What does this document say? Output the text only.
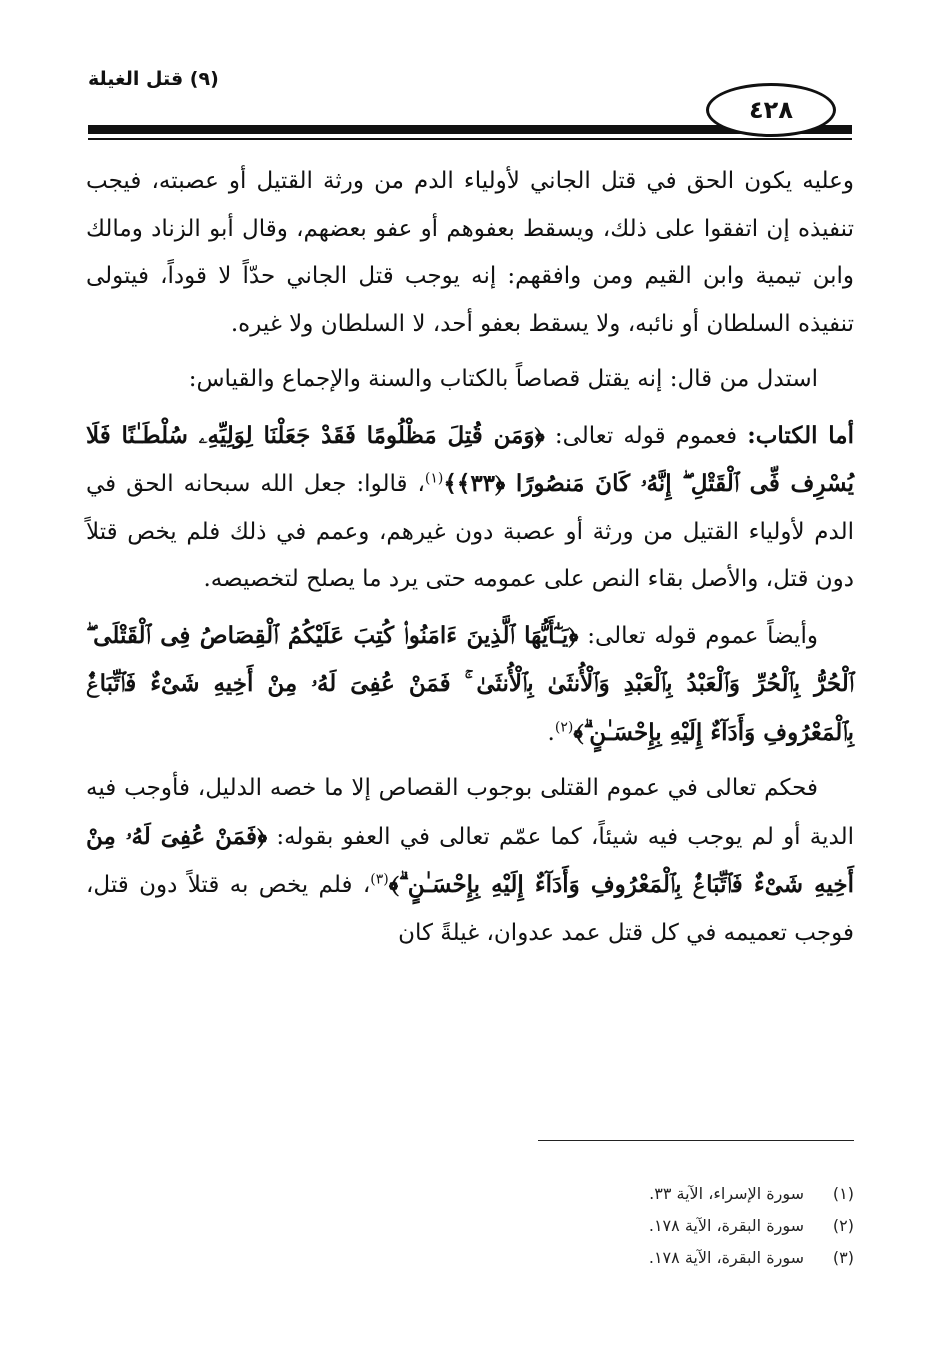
(٩) قتل الغيلة
٤٢٨

وعليه يكون الحق في قتل الجاني لأولياء الدم من ورثة القتيل أو عصبته، فيجب تنفيذه إن اتفقوا على ذلك، ويسقط بعفوهم أو عفو بعضهم، وقال أبو الزناد ومالك وابن تيمية وابن القيم ومن وافقهم: إنه يوجب قتل الجاني حدّاً لا قوداً، فيتولى تنفيذه السلطان أو نائبه، ولا يسقط بعفو أحد، لا السلطان ولا غيره.

استدل من قال: إنه يقتل قصاصاً بالكتاب والسنة والإجماع والقياس:

أما الكتاب: فعموم قوله تعالى: ﴿وَمَن قُتِلَ مَظْلُومًا فَقَدْ جَعَلْنَا لِوَلِيِّهِۦ سُلْطَـٰنًا فَلَا يُسْرِف فِّى ٱلْقَتْلِ ۖ إِنَّهُۥ كَانَ مَنصُورًا ﴿٣٣﴾﴾$^{(١)}$، قالوا: جعل الله سبحانه الحق في الدم لأولياء القتيل من ورثة أو عصبة دون غيرهم، وعمم في ذلك فلم يخص قتلاً دون قتل، والأصل بقاء النص على عمومه حتى يرد ما يصلح لتخصيصه.

وأيضاً عموم قوله تعالى: ﴿يَـٰٓأَيُّهَا ٱلَّذِينَ ءَامَنُوا۟ كُتِبَ عَلَيْكُمُ ٱلْقِصَاصُ فِى ٱلْقَتْلَى ۖ ٱلْحُرُّ بِٱلْحُرِّ وَٱلْعَبْدُ بِٱلْعَبْدِ وَٱلْأُنثَىٰ بِٱلْأُنثَىٰ ۚ فَمَنْ عُفِىَ لَهُۥ مِنْ أَخِيهِ شَىْءٌ فَٱتِّبَاعٌۢ بِٱلْمَعْرُوفِ وَأَدَآءٌ إِلَيْهِ بِإِحْسَـٰنٍ ۗ﴾$^{(٢)}$.

فحكم تعالى في عموم القتلى بوجوب القصاص إلا ما خصه الدليل، فأوجب فيه الدية أو لم يوجب فيه شيئاً، كما عمّم تعالى في العفو بقوله: ﴿فَمَنْ عُفِىَ لَهُۥ مِنْ أَخِيهِ شَىْءٌ فَٱتِّبَاعٌۢ بِٱلْمَعْرُوفِ وَأَدَآءٌ إِلَيْهِ بِإِحْسَـٰنٍ ۗ﴾$^{(٣)}$، فلم يخص به قتلاً دون قتل، فوجب تعميمه في كل قتل عمد عدوان، غيلةً كان

(١)
سورة الإسراء، الآية ٣٣.
(٢)
سورة البقرة، الآية ١٧٨.
(٣)
سورة البقرة، الآية ١٧٨.
